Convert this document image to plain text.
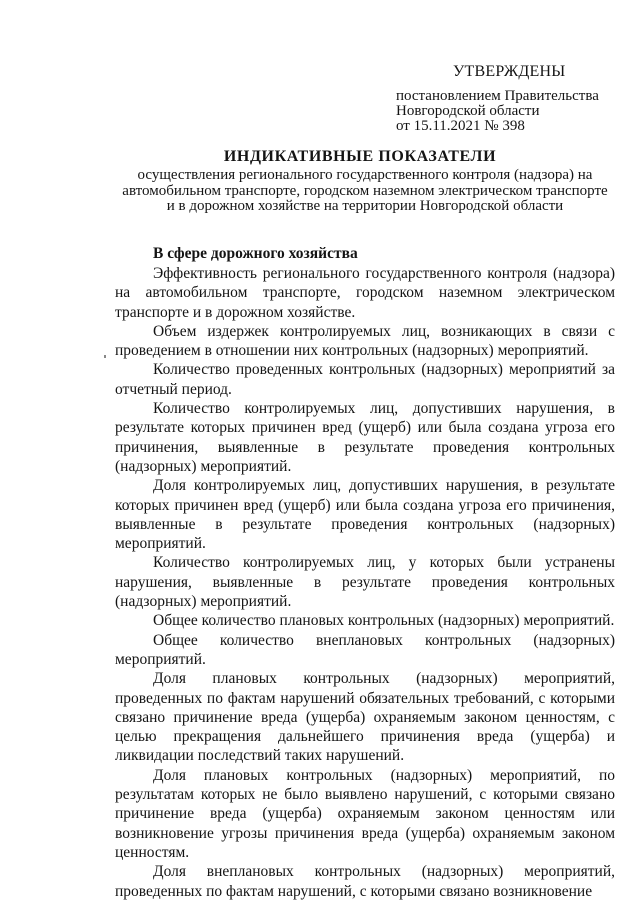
УТВЕРЖДЕНЫ
постановлением Правительства
Новгородской области
от 15.11.2021 № 398
ИНДИКАТИВНЫЕ ПОКАЗАТЕЛИ
осуществления регионального государственного контроля (надзора) на
автомобильном транспорте, городском наземном электрическом транспорте
и в дорожном хозяйстве на территории Новгородской области
В сфере дорожного хозяйства

Эффективность регионального государственного контроля (надзора) на автомобильном транспорте, городском наземном электрическом транспорте и в дорожном хозяйстве.

Объем издержек контролируемых лиц, возникающих в связи с проведением в отношении них контрольных (надзорных) мероприятий.

Количество проведенных контрольных (надзорных) мероприятий за отчетный период.

Количество контролируемых лиц, допустивших нарушения, в результате которых причинен вред (ущерб) или была создана угроза его причинения, выявленные в результате проведения контрольных (надзорных) мероприятий.

Доля контролируемых лиц, допустивших нарушения, в результате которых причинен вред (ущерб) или была создана угроза его причинения, выявленные в результате проведения контрольных (надзорных) мероприятий.

Количество контролируемых лиц, у которых были устранены нарушения, выявленные в результате проведения контрольных (надзорных) мероприятий.

Общее количество плановых контрольных (надзорных) мероприятий.

Общее количество внеплановых контрольных (надзорных) мероприятий.

Доля плановых контрольных (надзорных) мероприятий, проведенных по фактам нарушений обязательных требований, с которыми связано причинение вреда (ущерба) охраняемым законом ценностям, с целью прекращения дальнейшего причинения вреда (ущерба) и ликвидации последствий таких нарушений.

Доля плановых контрольных (надзорных) мероприятий, по результатам которых не было выявлено нарушений, с которыми связано причинение вреда (ущерба) охраняемым законом ценностям или возникновение угрозы причинения вреда (ущерба) охраняемым законом ценностям.

Доля внеплановых контрольных (надзорных) мероприятий, проведенных по фактам нарушений, с которыми связано возникновение
